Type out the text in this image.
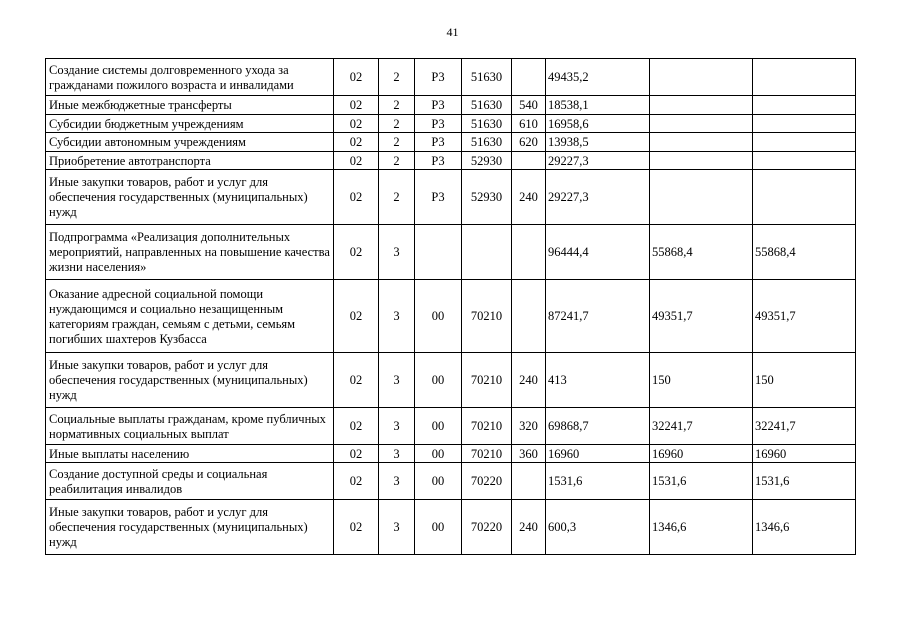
41
Создание системы долговременного ухода за гражданами пожилого возраста и инвалидами	02	2	P3	51630		49435,2		
Иные межбюджетные трансферты	02	2	P3	51630	540	18538,1		
Субсидии бюджетным учреждениям	02	2	P3	51630	610	16958,6		
Субсидии автономным учреждениям	02	2	P3	51630	620	13938,5		
Приобретение автотранспорта	02	2	P3	52930		29227,3		
Иные закупки товаров, работ и услуг для обеспечения государственных (муниципальных) нужд	02	2	P3	52930	240	29227,3		
Подпрограмма «Реализация дополнительных мероприятий, направленных на повышение качества жизни населения»	02	3				96444,4	55868,4	55868,4
Оказание адресной социальной помощи нуждающимся и социально незащищенным категориям граждан, семьям с детьми, семьям погибших шахтеров Кузбасса	02	3	00	70210		87241,7	49351,7	49351,7
Иные закупки товаров, работ и услуг для обеспечения государственных (муниципальных) нужд	02	3	00	70210	240	413	150	150
Социальные выплаты гражданам, кроме публичных нормативных социальных выплат	02	3	00	70210	320	69868,7	32241,7	32241,7
Иные выплаты населению	02	3	00	70210	360	16960	16960	16960
Создание доступной среды и социальная реабилитация инвалидов	02	3	00	70220		1531,6	1531,6	1531,6
Иные закупки товаров, работ и услуг для обеспечения государственных (муниципальных) нужд	02	3	00	70220	240	600,3	1346,6	1346,6
